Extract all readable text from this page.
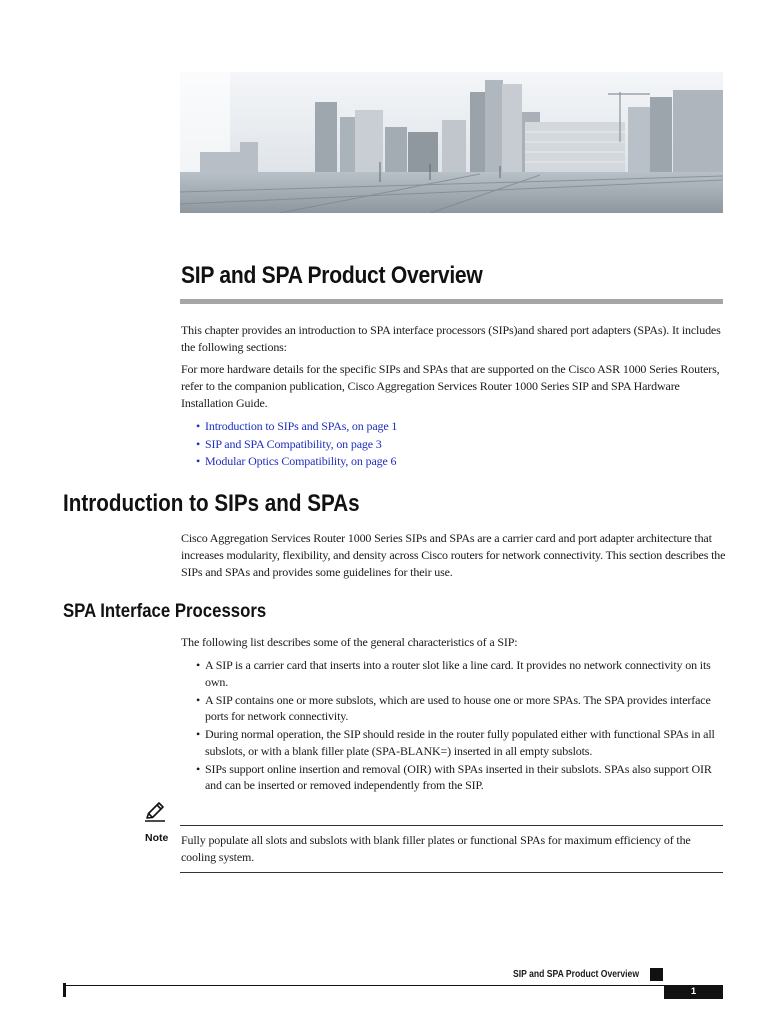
SIP and SPA Product Overview

This chapter provides an introduction to SPA interface processors (SIPs)and shared port adapters (SPAs). It includes the following sections:

For more hardware details for the specific SIPs and SPAs that are supported on the Cisco ASR 1000 Series Routers, refer to the companion publication, Cisco Aggregation Services Router 1000 Series SIP and SPA Hardware Installation Guide.

• Introduction to SIPs and SPAs, on page 1
• SIP and SPA Compatibility, on page 3
• Modular Optics Compatibility, on page 6
Introduction to SIPs and SPAs

Cisco Aggregation Services Router 1000 Series SIPs and SPAs are a carrier card and port adapter architecture that increases modularity, flexibility, and density across Cisco routers for network connectivity. This section describes the SIPs and SPAs and provides some guidelines for their use.

SPA Interface Processors

The following list describes some of the general characteristics of a SIP:

• A SIP is a carrier card that inserts into a router slot like a line card. It provides no network connectivity on its own.
• A SIP contains one or more subslots, which are used to house one or more SPAs. The SPA provides interface ports for network connectivity.
• During normal operation, the SIP should reside in the router fully populated either with functional SPAs in all subslots, or with a blank filler plate (SPA-BLANK=) inserted in all empty subslots.
• SIPs support online insertion and removal (OIR) with SPAs inserted in their subslots. SPAs also support OIR and can be inserted or removed independently from the SIP.
Note Fully populate all slots and subslots with blank filler plates or functional SPAs for maximum efficiency of the cooling system.

SIP and SPA Product Overview
1
